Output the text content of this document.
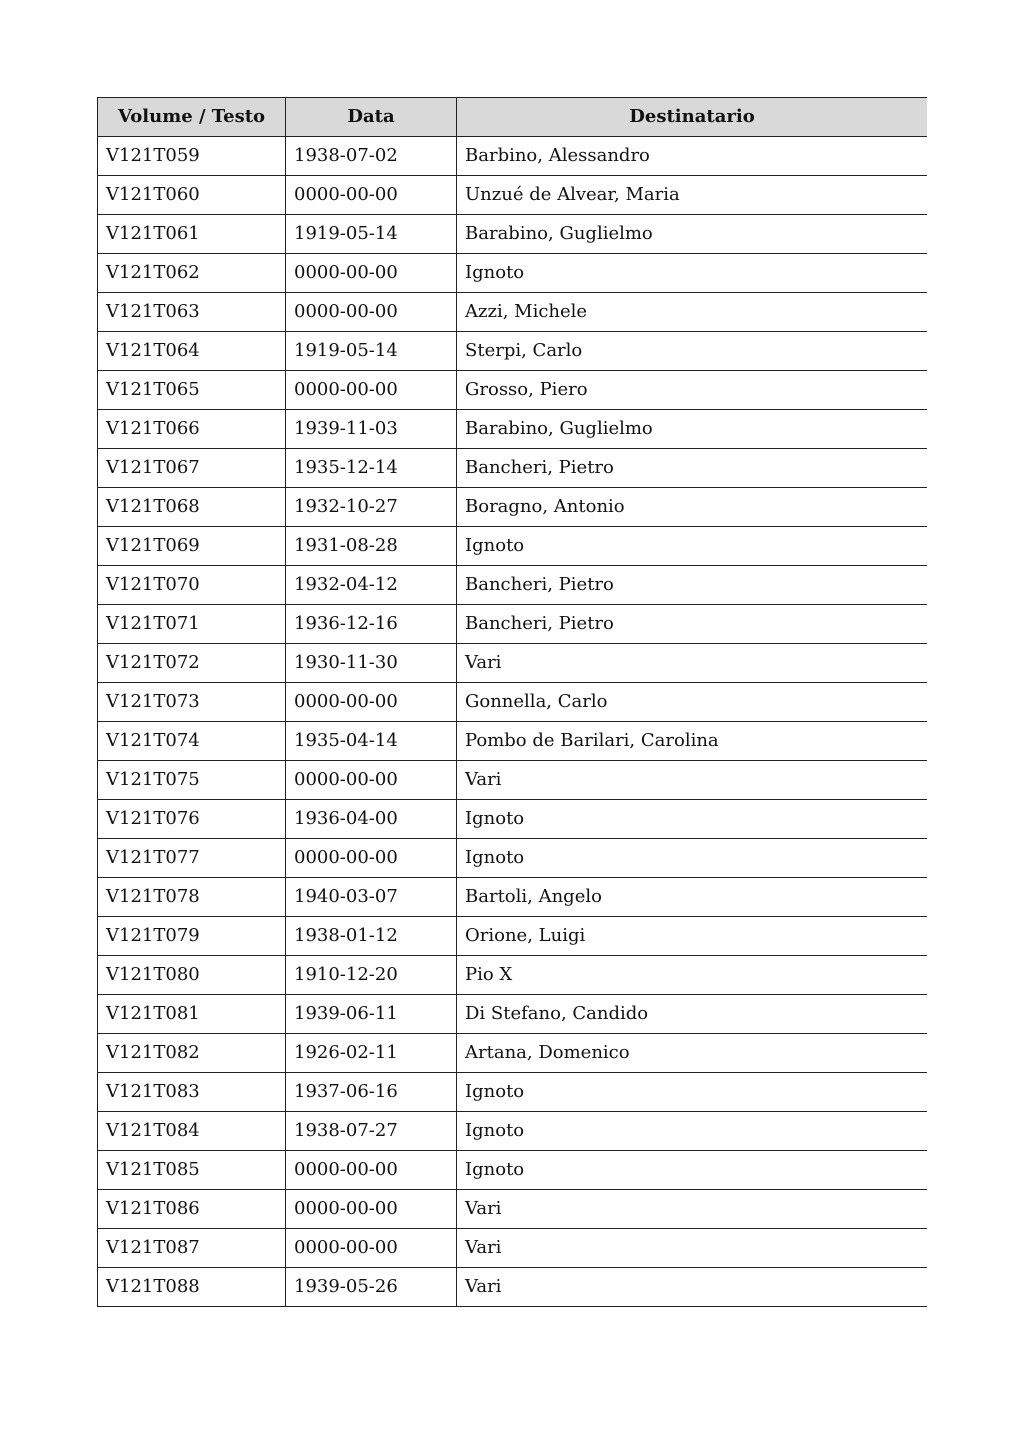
Volume / Testo	Data	Destinatario
V121T059	1938-07-02	Barbino, Alessandro
V121T060	0000-00-00	Unzué de Alvear, Maria
V121T061	1919-05-14	Barabino, Guglielmo
V121T062	0000-00-00	Ignoto
V121T063	0000-00-00	Azzi, Michele
V121T064	1919-05-14	Sterpi, Carlo
V121T065	0000-00-00	Grosso, Piero
V121T066	1939-11-03	Barabino, Guglielmo
V121T067	1935-12-14	Bancheri, Pietro
V121T068	1932-10-27	Boragno, Antonio
V121T069	1931-08-28	Ignoto
V121T070	1932-04-12	Bancheri, Pietro
V121T071	1936-12-16	Bancheri, Pietro
V121T072	1930-11-30	Vari
V121T073	0000-00-00	Gonnella, Carlo
V121T074	1935-04-14	Pombo de Barilari, Carolina
V121T075	0000-00-00	Vari
V121T076	1936-04-00	Ignoto
V121T077	0000-00-00	Ignoto
V121T078	1940-03-07	Bartoli, Angelo
V121T079	1938-01-12	Orione, Luigi
V121T080	1910-12-20	Pio X
V121T081	1939-06-11	Di Stefano, Candido
V121T082	1926-02-11	Artana, Domenico
V121T083	1937-06-16	Ignoto
V121T084	1938-07-27	Ignoto
V121T085	0000-00-00	Ignoto
V121T086	0000-00-00	Vari
V121T087	0000-00-00	Vari
V121T088	1939-05-26	Vari
